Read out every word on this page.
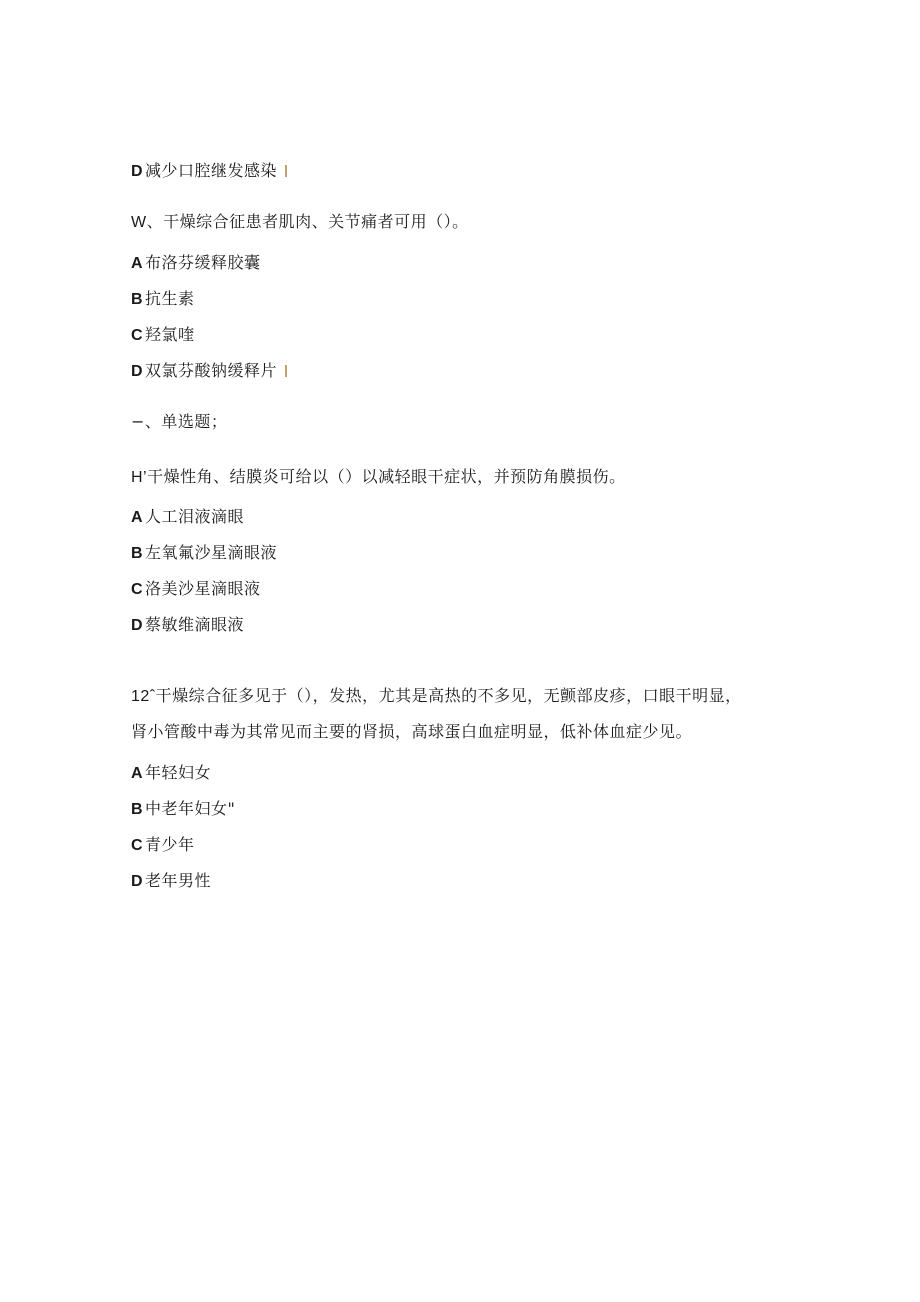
D 减少口腔继发感染
W、干燥综合征患者肌肉、关节痛者可用（）。
A 布洛芬缓释胶囊
B 抗生素
C 羟氯喹
D 双氯芬酸钠缓释片
−、单选题；
H’干燥性角、结膜炎可给以（）以减轻眼干症状，并预防角膜损伤。
A 人工泪液滴眼
B 左氧氟沙星滴眼液
C 洛美沙星滴眼液
D 蔡敏维滴眼液
12ˆ干燥综合征多见于（），发热，尤其是高热的不多见，无颤部皮疹，口眼干明显，
肾小管酸中毒为其常见而主要的肾损，高球蛋白血症明显，低补体血症少见。
A 年轻妇女
B 中老年妇女"
C 青少年
D 老年男性
